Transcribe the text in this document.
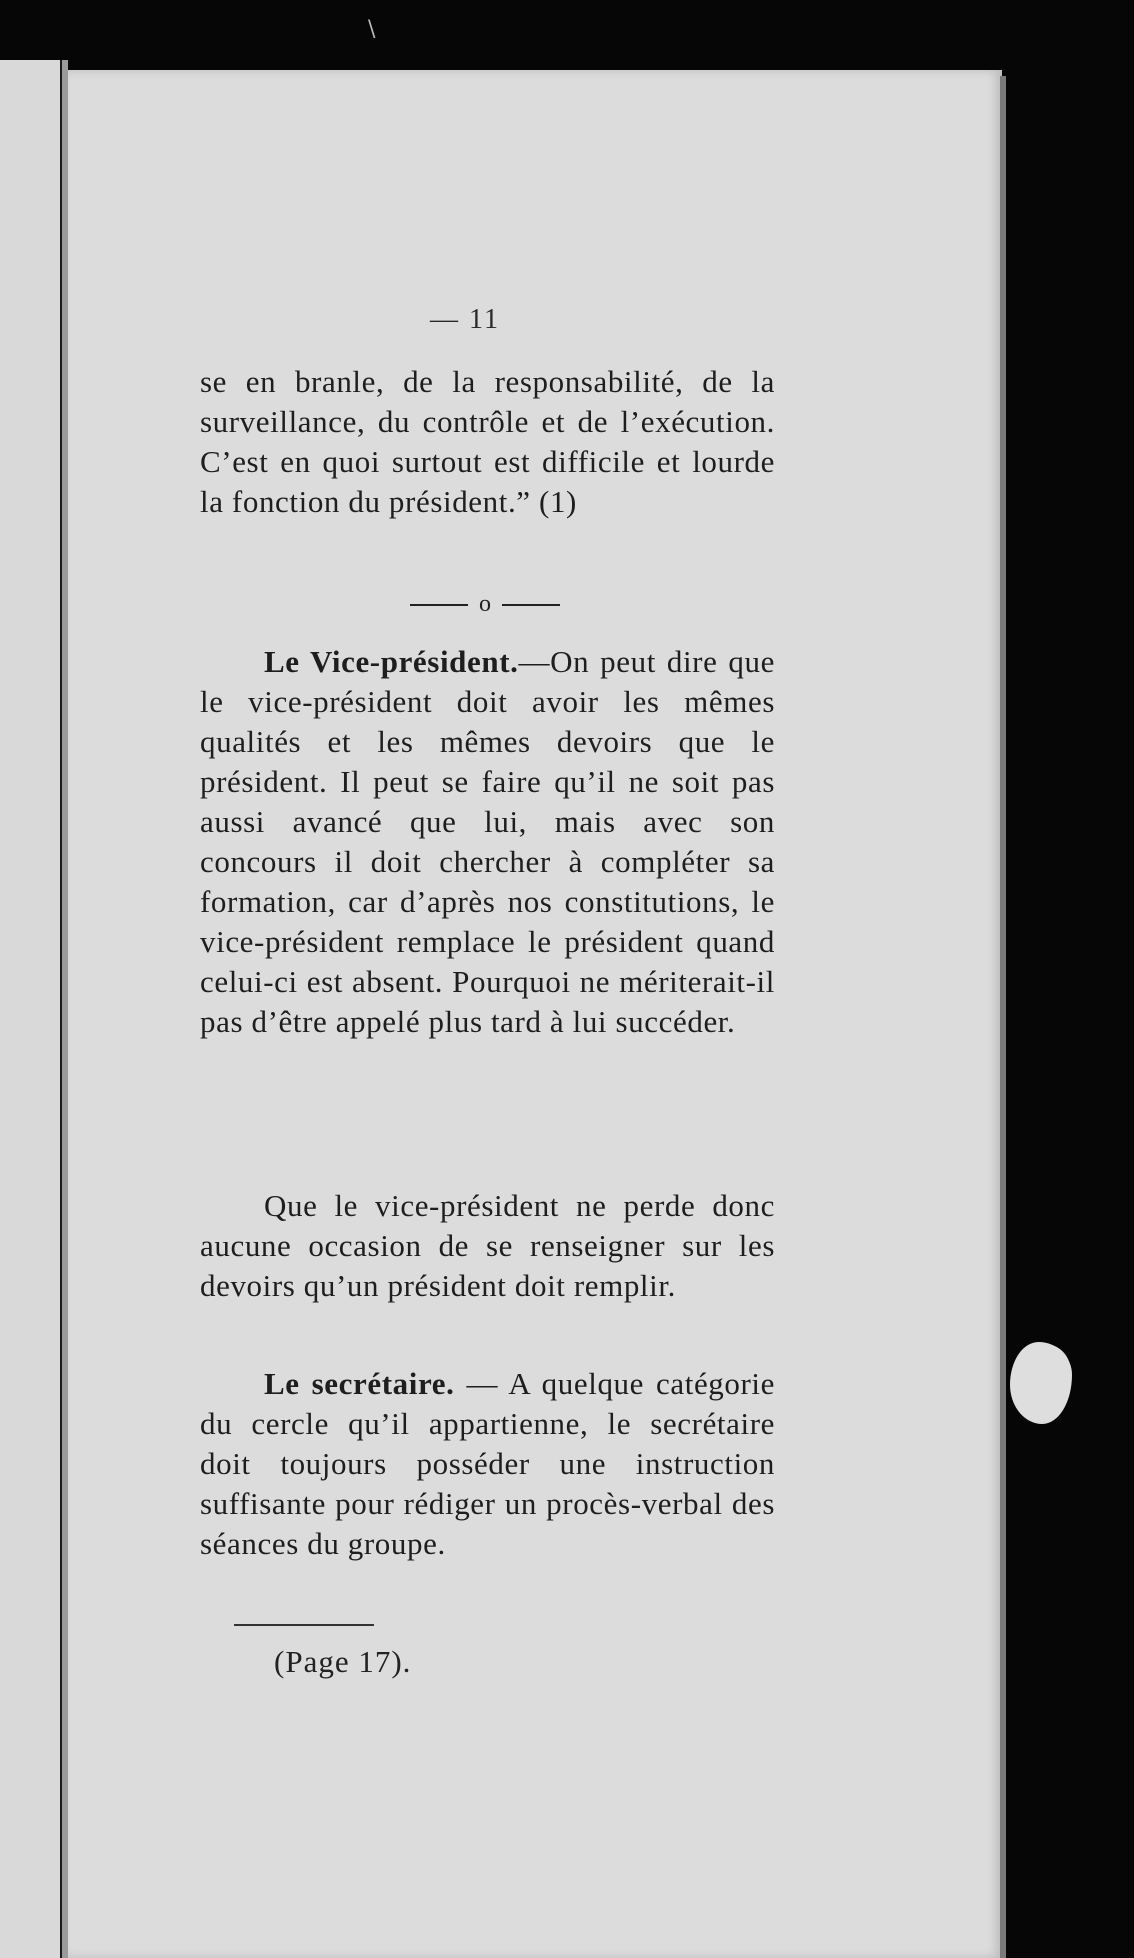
\
— 11
se en branle, de la responsabilité, de la surveillance, du contrôle et de l’exécution. C’est en quoi surtout est difficile et lourde la fonction du président.” (1)
o
Le Vice-président.—On peut dire que le vice-président doit avoir les mêmes qualités et les mêmes devoirs que le président. Il peut se faire qu’il ne soit pas aussi avancé que lui, mais avec son concours il doit chercher à compléter sa formation, car d’après nos constitutions, le vice-président remplace le président quand celui-ci est absent. Pourquoi ne mériterait-il pas d’être appelé plus tard à lui succéder.
Que le vice-président ne perde donc aucune occasion de se renseigner sur les devoirs qu’un président doit remplir.
Le secrétaire. — A quelque catégorie du cercle qu’il appartienne, le secrétaire doit toujours posséder une instruction suffisante pour rédiger un procès-verbal des séances du groupe.
(Page 17).
